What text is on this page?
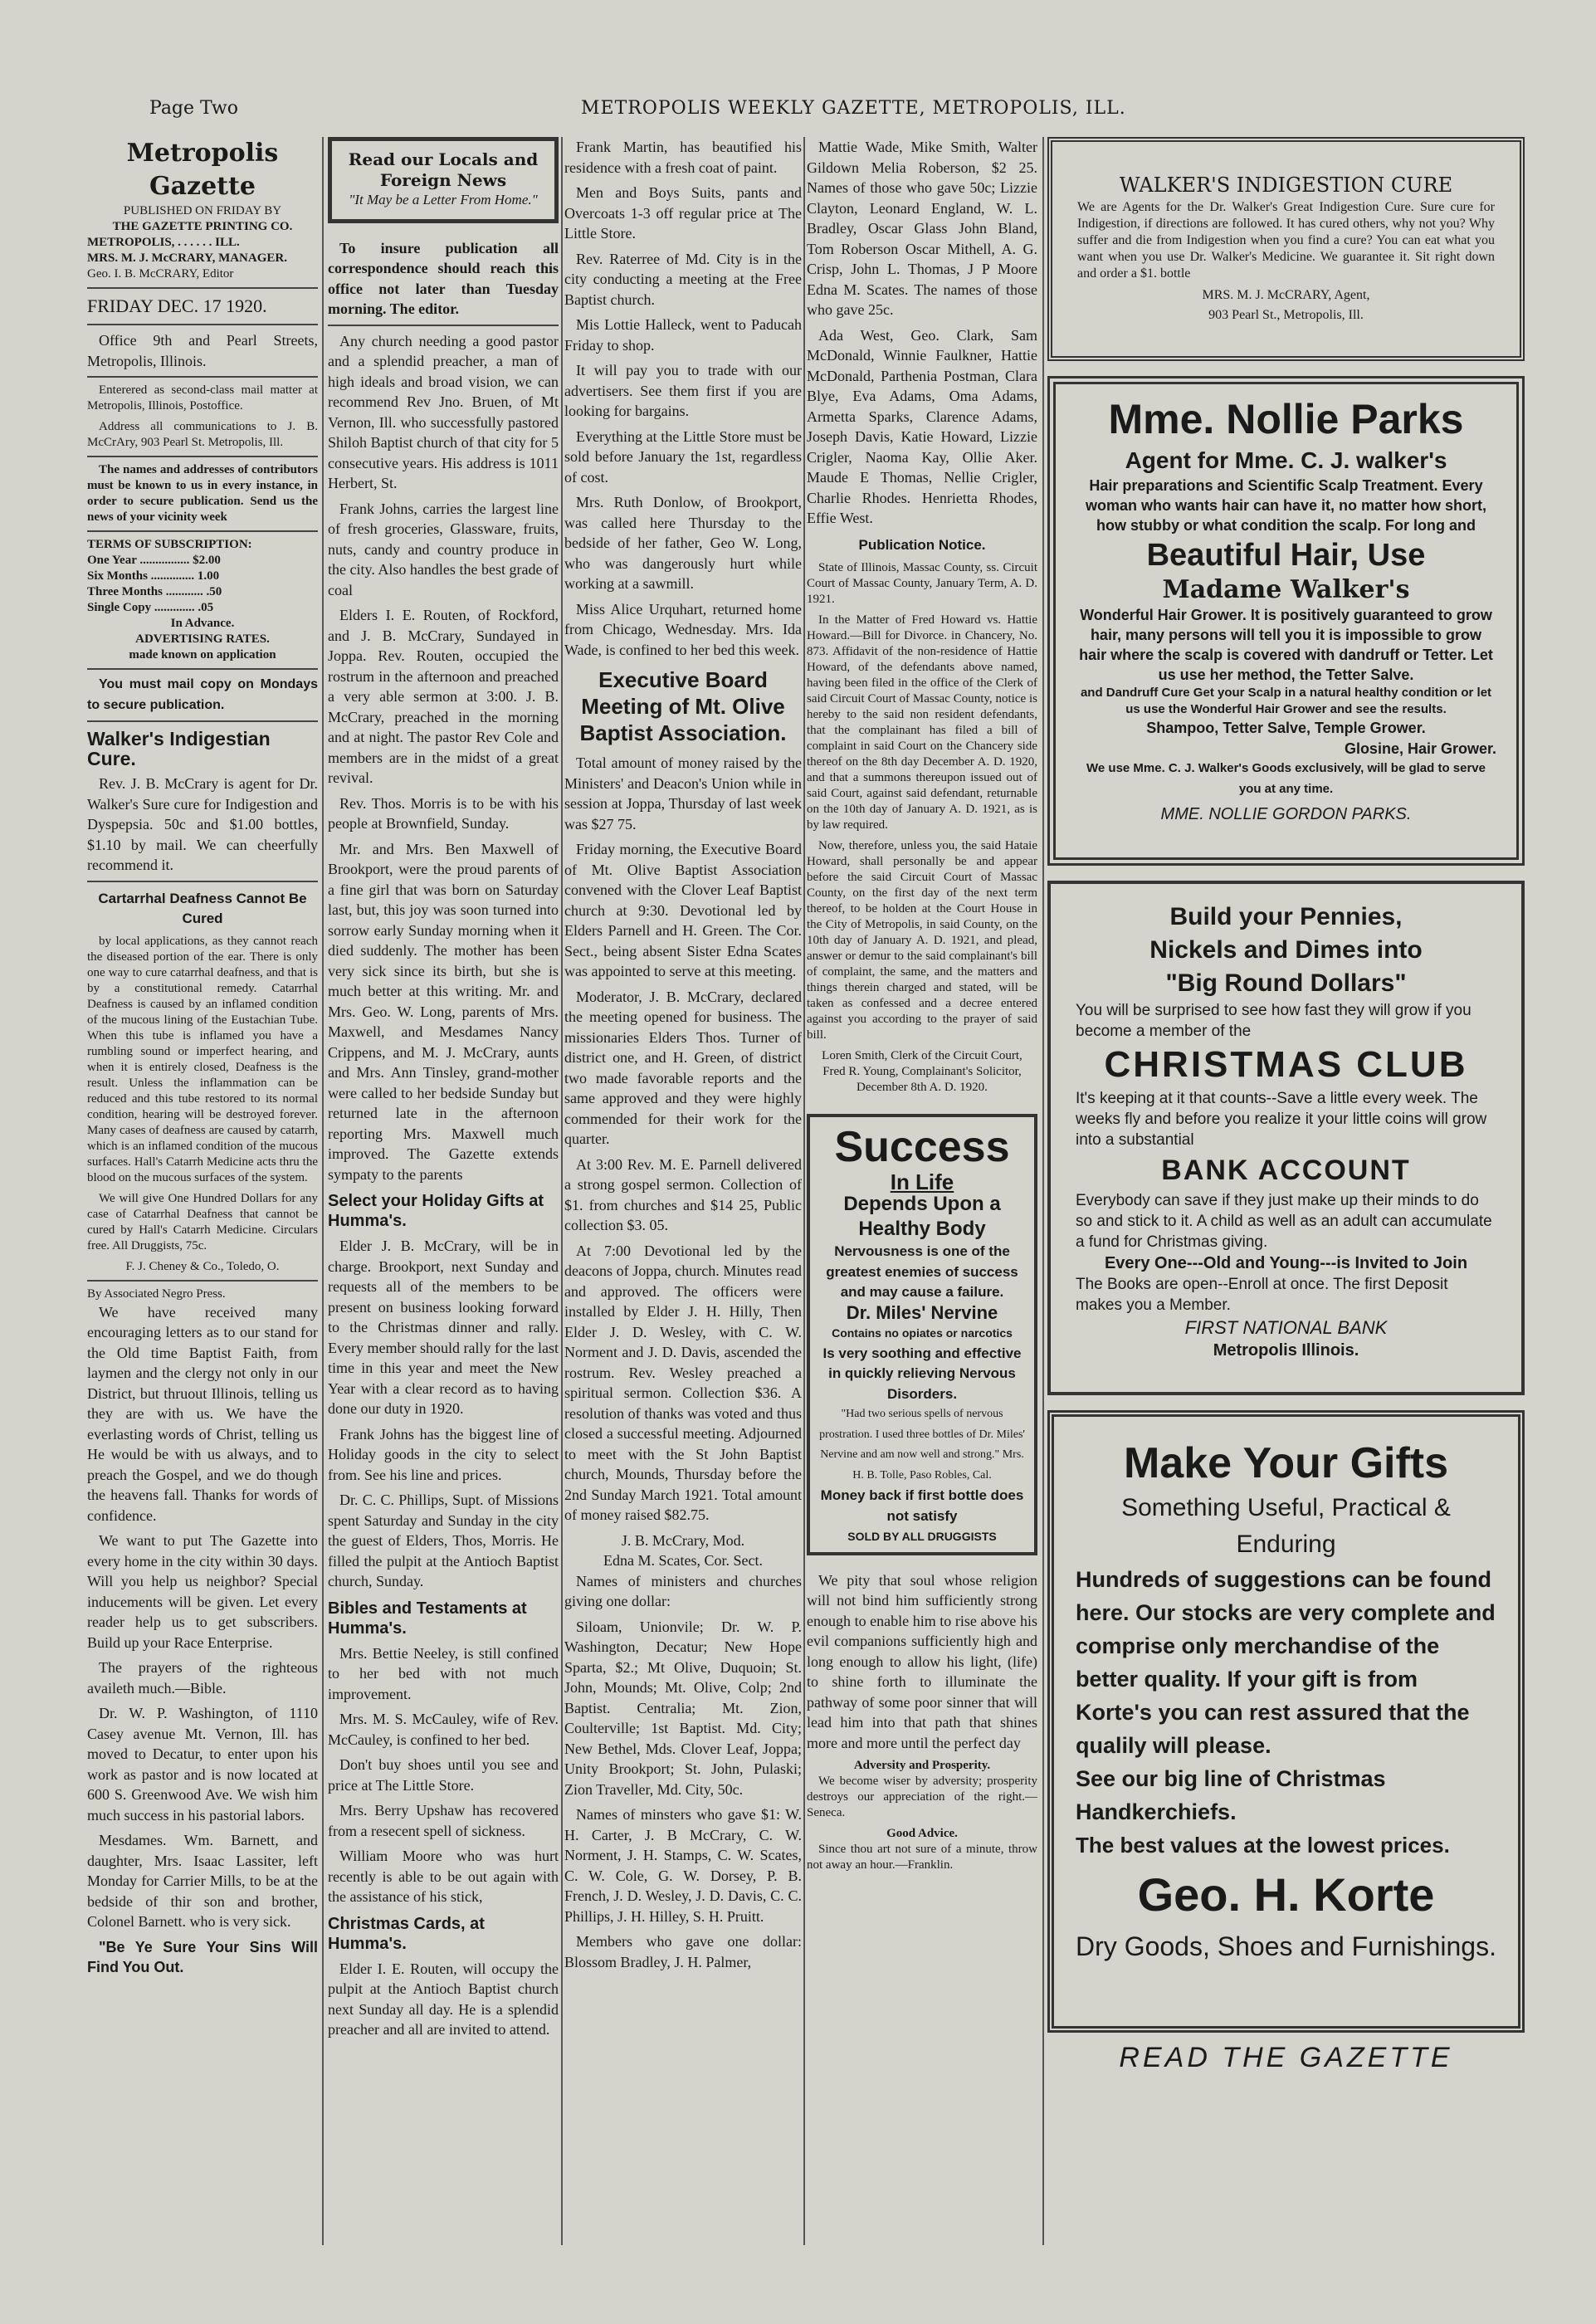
Page Two	METROPOLIS WEEKLY GAZETTE, METROPOLIS, ILL.
Metropolis Gazette
PUBLISHED ON FRIDAY BY
THE GAZETTE PRINTING CO.
METROPOLIS, . . . . . . ILL.
MRS. M. J. McCRARY, MANAGER.
Geo. I. B. McCRARY, Editor
FRIDAY DEC. 17 1920.

Office 9th and Pearl Streets, Metropolis, Illinois.

Enterered as second-class mail matter at Metropolis, Illinois, Postoffice.

Address all communications to J. B. McCrAry, 903 Pearl St. Metropolis, Ill.

The names and addresses of contributors must be known to us in every instance, in order to secure publication. Send us the news of your vicinity week

TERMS OF SUBSCRIPTION:
One Year ................ $2.00
Six Months .............. 1.00
Three Months ............ .50
Single Copy ............. .05
In Advance.
ADVERTISING RATES.
made known on application

You must mail copy on Mondays to secure publication.

Walker's Indigestian Cure.

Rev. J. B. McCrary is agent for Dr. Walker's Sure cure for Indigestion and Dyspepsia. 50c and $1.00 bottles, $1.10 by mail. We can cheerfully recommend it.

Cartarrhal Deafness Cannot Be Cured

by local applications, as they cannot reach the diseased portion of the ear. There is only one way to cure catarrhal deafness, and that is by a constitutional remedy. Catarrhal Deafness is caused by an inflamed condition of the mucous lining of the Eustachian Tube. When this tube is inflamed you have a rumbling sound or imperfect hearing, and when it is entirely closed, Deafness is the result. Unless the inflammation can be reduced and this tube restored to its normal condition, hearing will be destroyed forever. Many cases of deafness are caused by catarrh, which is an inflamed condition of the mucous surfaces. Hall's Catarrh Medicine acts thru the blood on the mucous surfaces of the system.

We will give One Hundred Dollars for any case of Catarrhal Deafness that cannot be cured by Hall's Catarrh Medicine. Circulars free. All Druggists, 75c.

F. J. Cheney & Co., Toledo, O.
By Associated Negro Press.

We have received many encouraging letters as to our stand for the Old time Baptist Faith, from laymen and the clergy not only in our District, but thruout Illinois, telling us they are with us. We have the everlasting words of Christ, telling us He would be with us always, and to preach the Gospel, and we do though the heavens fall. Thanks for words of confidence.

We want to put The Gazette into every home in the city within 30 days. Will you help us neighbor? Special inducements will be given. Let every reader help us to get subscribers. Build up your Race Enterprise.

The prayers of the righteous availeth much.—Bible.

Dr. W. P. Washington, of 1110 Casey avenue Mt. Vernon, Ill. has moved to Decatur, to enter upon his work as pastor and is now located at 600 S. Greenwood Ave. We wish him much success in his pastorial labors.

Mesdames. Wm. Barnett, and daughter, Mrs. Isaac Lassiter, left Monday for Carrier Mills, to be at the bedside of thir son and brother, Colonel Barnett. who is very sick.

"Be Ye Sure Your Sins Will Find You Out.

Read our Locals and Foreign News
"It May be a Letter From Home."

To insure publication all correspondence should reach this office not later than Tuesday morning. The editor.

Any church needing a good pastor and a splendid preacher, a man of high ideals and broad vision, we can recommend Rev Jno. Bruen, of Mt Vernon, Ill. who successfully pastored Shiloh Baptist church of that city for 5 consecutive years. His address is 1011 Herbert, St.

Frank Johns, carries the largest line of fresh groceries, Glassware, fruits, nuts, candy and country produce in the city. Also handles the best grade of coal

Elders I. E. Routen, of Rockford, and J. B. McCrary, Sundayed in Joppa. Rev. Routen, occupied the rostrum in the afternoon and preached a very able sermon at 3:00. J. B. McCrary, preached in the morning and at night. The pastor Rev Cole and members are in the midst of a great revival.

Rev. Thos. Morris is to be with his people at Brownfield, Sunday.

Mr. and Mrs. Ben Maxwell of Brookport, were the proud parents of a fine girl that was born on Saturday last, but, this joy was soon turned into sorrow early Sunday morning when it died suddenly. The mother has been very sick since its birth, but she is much better at this writing. Mr. and Mrs. Geo. W. Long, parents of Mrs. Maxwell, and Mesdames Nancy Crippens, and M. J. McCrary, aunts and Mrs. Ann Tinsley, grand-mother were called to her bedside Sunday but returned late in the afternoon reporting Mrs. Maxwell much improved. The Gazette extends sympaty to the parents

Select your Holiday Gifts at Humma's.

Elder J. B. McCrary, will be in charge. Brookport, next Sunday and requests all of the members to be present on business looking forward to the Christmas dinner and rally. Every member should rally for the last time in this year and meet the New Year with a clear record as to having done our duty in 1920.

Frank Johns has the biggest line of Holiday goods in the city to select from. See his line and prices.

Dr. C. C. Phillips, Supt. of Missions spent Saturday and Sunday in the city the guest of Elders, Thos, Morris. He filled the pulpit at the Antioch Baptist church, Sunday.

Bibles and Testaments at Humma's.

Mrs. Bettie Neeley, is still confined to her bed with not much improvement.

Mrs. M. S. McCauley, wife of Rev. McCauley, is confined to her bed.

Don't buy shoes until you see and price at The Little Store.

Mrs. Berry Upshaw has recovered from a resecent spell of sickness.

William Moore who was hurt recently is able to be out again with the assistance of his stick,

Christmas Cards, at Humma's.

Elder I. E. Routen, will occupy the pulpit at the Antioch Baptist church next Sunday all day. He is a splendid preacher and all are invited to attend.

Frank Martin, has beautified his residence with a fresh coat of paint.

Men and Boys Suits, pants and Overcoats 1-3 off regular price at The Little Store.

Rev. Raterree of Md. City is in the city conducting a meeting at the Free Baptist church.

Mis Lottie Halleck, went to Paducah Friday to shop.

It will pay you to trade with our advertisers. See them first if you are looking for bargains.

Everything at the Little Store must be sold before January the 1st, regardless of cost.

Mrs. Ruth Donlow, of Brookport, was called here Thursday to the bedside of her father, Geo W. Long, who was dangerously hurt while working at a sawmill.

Miss Alice Urquhart, returned home from Chicago, Wednesday. Mrs. Ida Wade, is confined to her bed this week.

Executive Board Meeting of Mt. Olive Baptist Association.

Total amount of money raised by the Ministers' and Deacon's Union while in session at Joppa, Thursday of last week was $27 75.

Friday morning, the Executive Board of Mt. Olive Baptist Association convened with the Clover Leaf Baptist church at 9:30. Devotional led by Elders Parnell and H. Green. The Cor. Sect., being absent Sister Edna Scates was appointed to serve at this meeting.

Moderator, J. B. McCrary, declared the meeting opened for business. The missionaries Elders Thos. Turner of district one, and H. Green, of district two made favorable reports and the same approved and they were highly commended for their work for the quarter.

At 3:00 Rev. M. E. Parnell delivered a strong gospel sermon. Collection of $1. from churches and $14 25, Public collection $3. 05.

At 7:00 Devotional led by the deacons of Joppa, church. Minutes read and approved. The officers were installed by Elder J. H. Hilly, Then Elder J. D. Wesley, with C. W. Norment and J. D. Davis, ascended the rostrum. Rev. Wesley preached a spiritual sermon. Collection $36. A resolution of thanks was voted and thus closed a successful meeting. Adjourned to meet with the St John Baptist church, Mounds, Thursday before the 2nd Sunday March 1921. Total amount of money raised $82.75.

J. B. McCrary, Mod.
Edna M. Scates, Cor. Sect.

Names of ministers and churches giving one dollar:

Siloam, Unionvile; Dr. W. P. Washington, Decatur; New Hope Sparta, $2.; Mt Olive, Duquoin; St. John, Mounds; Mt. Olive, Colp; 2nd Baptist. Centralia; Mt. Zion, Coulterville; 1st Baptist. Md. City; New Bethel, Mds. Clover Leaf, Joppa; Unity Brookport; St. John, Pulaski; Zion Traveller, Md. City, 50c.

Names of minsters who gave $1: W. H. Carter, J. B McCrary, C. W. Norment, J. H. Stamps, C. W. Scates, C. W. Cole, G. W. Dorsey, P. B. French, J. D. Wesley, J. D. Davis, C. C. Phillips, J. H. Hilley, S. H. Pruitt.

Members who gave one dollar: Blossom Bradley, J. H. Palmer,

Mattie Wade, Mike Smith, Walter Gildown Melia Roberson, $2 25. Names of those who gave 50c; Lizzie Clayton, Leonard England, W. L. Bradley, Oscar Glass John Bland, Tom Roberson Oscar Mithell, A. G. Crisp, John L. Thomas, J P Moore Edna M. Scates. The names of those who gave 25c.

Ada West, Geo. Clark, Sam McDonald, Winnie Faulkner, Hattie McDonald, Parthenia Postman, Clara Blye, Eva Adams, Oma Adams, Armetta Sparks, Clarence Adams, Joseph Davis, Katie Howard, Lizzie Crigler, Naoma Kay, Ollie Aker. Maude E Thomas, Nellie Crigler, Charlie Rhodes. Henrietta Rhodes, Effie West.

Publication Notice.

State of Illinois, Massac County, ss. Circuit Court of Massac County, January Term, A. D. 1921.

In the Matter of Fred Howard vs. Hattie Howard.—Bill for Divorce. in Chancery, No. 873. Affidavit of the non-residence of Hattie Howard, of the defendants above named, having been filed in the office of the Clerk of said Circuit Court of Massac County, notice is hereby to the said non resident defendants, that the complainant has filed a bill of complaint in said Court on the Chancery side thereof on the 8th day December A. D. 1920, and that a summons thereupon issued out of said Court, against said defendant, returnable on the 10th day of January A. D. 1921, as is by law required.

Now, therefore, unless you, the said Hataie Howard, shall personally be and appear before the said Circuit Court of Massac County, on the first day of the next term thereof, to be holden at the Court House in the City of Metropolis, in said County, on the 10th day of January A. D. 1921, and plead, answer or demur to the said complainant's bill of complaint, the same, and the matters and things therein charged and stated, will be taken as confessed and a decree entered against you according to the prayer of said bill.

Loren Smith, Clerk of the Circuit Court,
Fred R. Young, Complainant's Solicitor, December 8th A. D. 1920.
Success
In Life
Depends Upon a Healthy Body
Nervousness is one of the greatest enemies of success and may cause a failure.
Dr. Miles' Nervine
Contains no opiates or narcotics
Is very soothing and effective in quickly relieving Nervous Disorders.
"Had two serious spells of nervous prostration. I used three bottles of Dr. Miles' Nervine and am now well and strong." Mrs. H. B. Tolle, Paso Robles, Cal.
Money back if first bottle does not satisfy
SOLD BY ALL DRUGGISTS

We pity that soul whose religion will not bind him sufficiently strong enough to enable him to rise above his evil companions sufficiently high and long enough to allow his light, (life) to shine forth to illuminate the pathway of some poor sinner that will lead him into that path that shines more and more until the perfect day

Adversity and Prosperity.

We become wiser by adversity; prosperity destroys our appreciation of the right.—Seneca.

Good Advice.

Since thou art not sure of a minute, throw not away an hour.—Franklin.

WALKER'S INDIGESTION CURE
We are Agents for the Dr. Walker's Great Indigestion Cure. Sure cure for Indigestion, if directions are followed. It has cured others, why not you? Why suffer and die from Indigestion when you find a cure? You can eat what you want when you use Dr. Walker's Medicine. We guarantee it. Sit right down and order a $1. bottle
MRS. M. J. McCRARY, Agent,
903 Pearl St., Metropolis, Ill.
Mme. Nollie Parks
Agent for Mme. C. J. walker's
Hair preparations and Scientific Scalp Treatment. Every woman who wants hair can have it, no matter how short, how stubby or what condition the scalp. For long and
Beautiful Hair, Use
Madame Walker's
Wonderful Hair Grower. It is positively guaranteed to grow hair, many persons will tell you it is impossible to grow hair where the scalp is covered with dandruff or Tetter. Let us use her method, the Tetter Salve.
and Dandruff Cure Get your Scalp in a natural healthy condition or let us use the Wonderful Hair Grower and see the results.
Shampoo, Tetter Salve, Temple Grower.
Glosine, Hair Grower.
We use Mme. C. J. Walker's Goods exclusively, will be glad to serve you at any time.
MME. NOLLIE GORDON PARKS.
Build your Pennies,
Nickels and Dimes into
"Big Round Dollars"
You will be surprised to see how fast they will grow if you become a member of the
CHRISTMAS CLUB
It's keeping at it that counts--Save a little every week. The weeks fly and before you realize it your little coins will grow into a substantial
BANK ACCOUNT
Everybody can save if they just make up their minds to do so and stick to it. A child as well as an adult can accumulate a fund for Christmas giving.
Every One---Old and Young---is Invited to Join
The Books are open--Enroll at once. The first Deposit makes you a Member.
FIRST NATIONAL BANK
Metropolis Illinois.
Make Your Gifts
Something Useful, Practical & Enduring
Hundreds of suggestions can be found here. Our stocks are very complete and comprise only merchandise of the better quality. If your gift is from Korte's you can rest assured that the qualily will please.
See our big line of Christmas Handkerchiefs.
The best values at the lowest prices.
Geo. H. Korte
Dry Goods, Shoes and Furnishings.
READ THE GAZETTE
